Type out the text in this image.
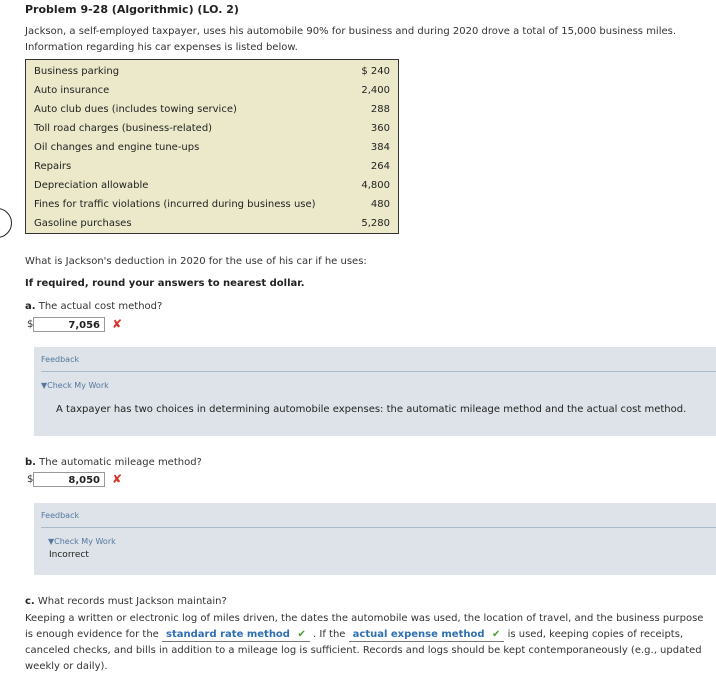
Problem 9-28 (Algorithmic) (LO. 2)
Jackson, a self-employed taxpayer, uses his automobile 90% for business and during 2020 drove a total of 15,000 business miles. Information regarding his car expenses is listed below.
Business parking	$ 240
Auto insurance	2,400
Auto club dues (includes towing service)	288
Toll road charges (business-related)	360
Oil changes and engine tune-ups	384
Repairs	264
Depreciation allowable	4,800
Fines for traffic violations (incurred during business use)	480
Gasoline purchases	5,280
What is Jackson's deduction in 2020 for the use of his car if he uses:
If required, round your answers to nearest dollar.
a. The actual cost method?
$	7,056	✘
Feedback
▼Check My Work
A taxpayer has two choices in determining automobile expenses: the automatic mileage method and the actual cost method.
b. The automatic mileage method?
$	8,050	✘
Feedback
▼Check My Work
Incorrect
c. What records must Jackson maintain?
Keeping a written or electronic log of miles driven, the dates the automobile was used, the location of travel, and the business purpose is enough evidence for the standard rate method ✔ . If the actual expense method ✔ is used, keeping copies of receipts, canceled checks, and bills in addition to a mileage log is sufficient. Records and logs should be kept contemporaneously (e.g., updated weekly or daily).
